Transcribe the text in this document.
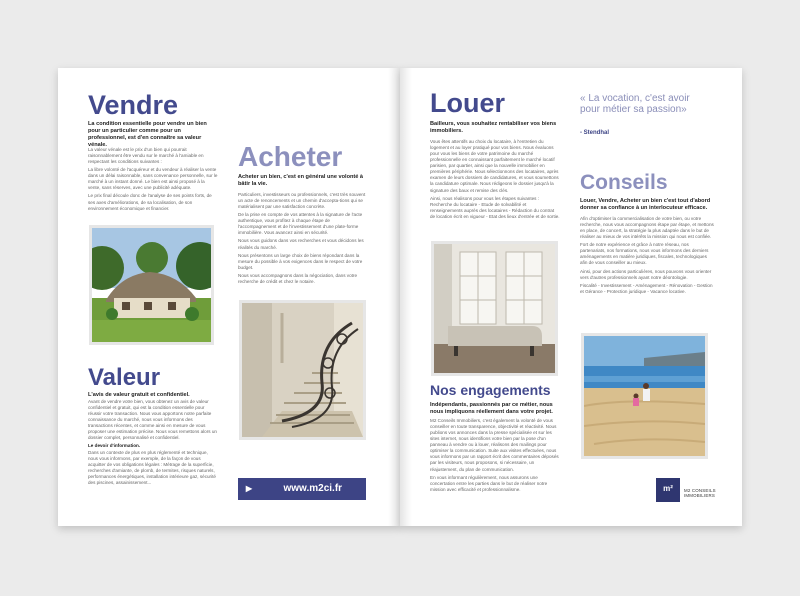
Vendre
La condition essentielle pour vendre un bien pour un particulier comme pour un professionnel, est d'en connaître sa valeur vénale.

La valeur vénale est le prix d'un bien qui pourrait raisonnablement être vendu sur le marché à l'amiable en respectant les conditions suivantes :

La libre volonté de l'acquéreur et du vendeur à réaliser la vente dans un délai raisonnable, sans convenance personnelle, sur le marché à un instant donné. Le bien est ainsi proposé à la vente, sans réserves, avec une publicité adéquate.

Le prix final découle donc de l'analyse de ses points forts, de ses axes d'améliorations, de sa localisation, de son environnement économique et financier.

Valeur
L'avis de valeur gratuit et confidentiel.

Avant de vendre votre bien, vous obtenez un avis de valeur confidentiel et gratuit, qui est la condition essentielle pour réussir votre transaction. Nous vous apportons notre parfaite connaissance du marché, nous vous informons des transactions récentes, et comme ainsi en mesure de vous proposer une estimation précise. Nous vous remettons alors un dossier complet, personnalisé et confidentiel.

Le devoir d'information.

Dans un contexte de plus en plus réglementé et technique, nous vous informons, par exemple, de la façon de vous acquitter de vos obligations légales : Métrage de la superficie, recherches d'amiante, de plomb, de termites, risques naturels, performances énergétiques, installation intérieure gaz, sécurité des piscines, assainissement...

Acheter
Acheter un bien, c'est en général une volonté à bâtir la vie.

Particuliers, investisseurs ou professionnels, c'est très souvent un acte de renoncements et un chemin d'accepta-tions qui se matérialisent par une satisfaction concrète.

De la prise en compte de vos attentes à la signature de l'acte authentique, vous profitez à chaque étape de l'accompagnement et de l'investissement d'une plate-forme immobilière. Vous avancez ainsi en sécurité.

Nous vous guidons dans vos recherches et vous décidons les réalités du marché.

Nous présentons un large choix de biens répondant dans la mesure du possible à vos exigences dans le respect de votre budget.

Nous vous accompagnons dans la négociation, dans votre recherche de crédit et chez le notaire.

▶	www.m2ci.fr
Louer
Bailleurs, vous souhaitez rentabiliser vos biens immobiliers.

Vous êtes attentifs au choix du locataire, à l'entretien du logement et au loyer pratiqué pour vos biens. Nous évaluons pour vous les biens de votre patrimoine du marché professionnelle en connaissant parfaitement le marché locatif parisien, par quartier, ainsi que la nouvelle immobilier en premières périphérie. Nous sélectionnons des locataires, après examen de leurs dossiers de candidatures, et vous soumettons la candidature optimale. Nous rédigeons le dossier jusqu'à la signature des baux et remise des clés.

Ainsi, nous réalisons pour vous les étapes suivantes : Recherche du locataire - Etude de solvabilité et renseignements auprès des locataires - Rédaction du contrat de location écrit en vigueur - Etat des lieux d'entrée et de sortie.

Nos engagements
Indépendants, passionnés par ce métier, nous nous impliquons réellement dans votre projet.

M2 Conseils Immobiliers, c'est également la volonté de vous conseiller en toute transparence, objectivité et réactivité. Nous publions vos annonces dans la presse spécialisée et sur les sites internet, nous identifions votre bien par la pose d'un panneau à vendre ou à louer, réalisons des mailings pour optimiser la communication. Suite aux visites effectuées, nous vous informons par un rapport écrit des commentaires déposés par les visiteurs, nous proposons, si nécessaire, un réajustement, du plan de communication.

En vous informant régulièrement, nous assurons une concertation entre les parties dans le but de réaliser notre mission avec efficacité et professionnalisme.

« La vocation, c'est avoir pour métier sa passion»
- Stendhal
Conseils
Louer, Vendre, Acheter un bien c'est tout d'abord donner sa confiance à un interlocuteur efficace.

Afin d'optimiser la commercialisation de votre bien, ou votre recherche, nous vous accompagnons étape par étape, et mettons en place, de concert, la stratégie la plus adaptée dans le but de réaliser au mieux de vos intérêts la mission qui nous est confiée.

Fort de notre expérience et grâce à notre réseau, nos partenariats, nos formations, nous vous informons des derniers aménagements en matière juridiques, fiscales, technologiques afin de vous conseiller au mieux.

Ainsi, pour des actions particulières, nous pouvons vous orienter vers d'autres professionnels ayant notre déontologie.

Fiscalité - Investissement - Aménagement - Rénovation - Gestion et Gérance - Protection juridique - Vacance locative.

m²	M2 CONSEILS IMMOBILIERS
